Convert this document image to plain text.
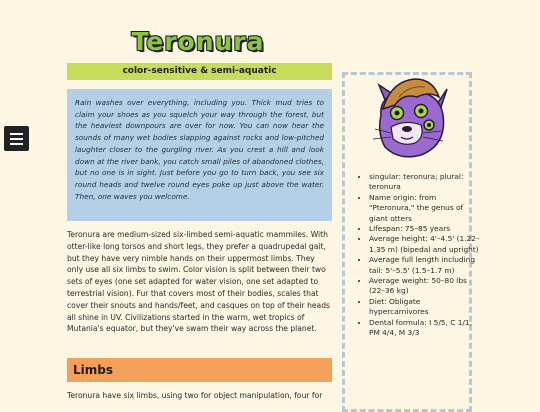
Teronura
color-sensitive & semi-aquatic
Rain washes over everything, including you. Thick mud tries to claim your shoes as you squelch your way through the forest, but the heaviest downpours are over for now. You can now hear the sounds of many wet bodies slapping against rocks and low-pitched laughter closer to the gurgling river. As you crest a hill and look down at the river bank, you catch small piles of abandoned clothes, but no one is in sight. Just before you go to turn back, you see six round heads and twelve round eyes poke up just above the water. Then, one waves you welcome.
Teronura are medium-sized six-limbed semi-aquatic mammiles. With otter-like long torsos and short legs, they prefer a quadrupedal gait, but they have very nimble hands on their uppermost limbs. They only use all six limbs to swim. Color vision is split between their two sets of eyes (one set adapted for water vision, one set adapted to terrestrial vision). Fur that covers most of their bodies, scales that cover their snouts and hands/feet, and casques on top of their heads all shine in UV. Civilizations started in the warm, wet tropics of Mutania's equator, but they've swam their way across the planet.
Limbs
Teronura have six limbs, using two for object manipulation, four for
• singular: teronura; plural: teronura
• Name origin: from "Pteronura," the genus of giant otters
• Lifespan: 75–85 years
• Average height: 4'–4.5' (1.22–1.35 m) (bipedal and upright)
• Average full length including tail: 5'–5.5' (1.5–1.7 m)
• Average weight: 50–80 lbs (22–36 kg)
• Diet: Obligate hypercarnivores
• Dental formula: I 5/5, C 1/1, PM 4/4, M 3/3
